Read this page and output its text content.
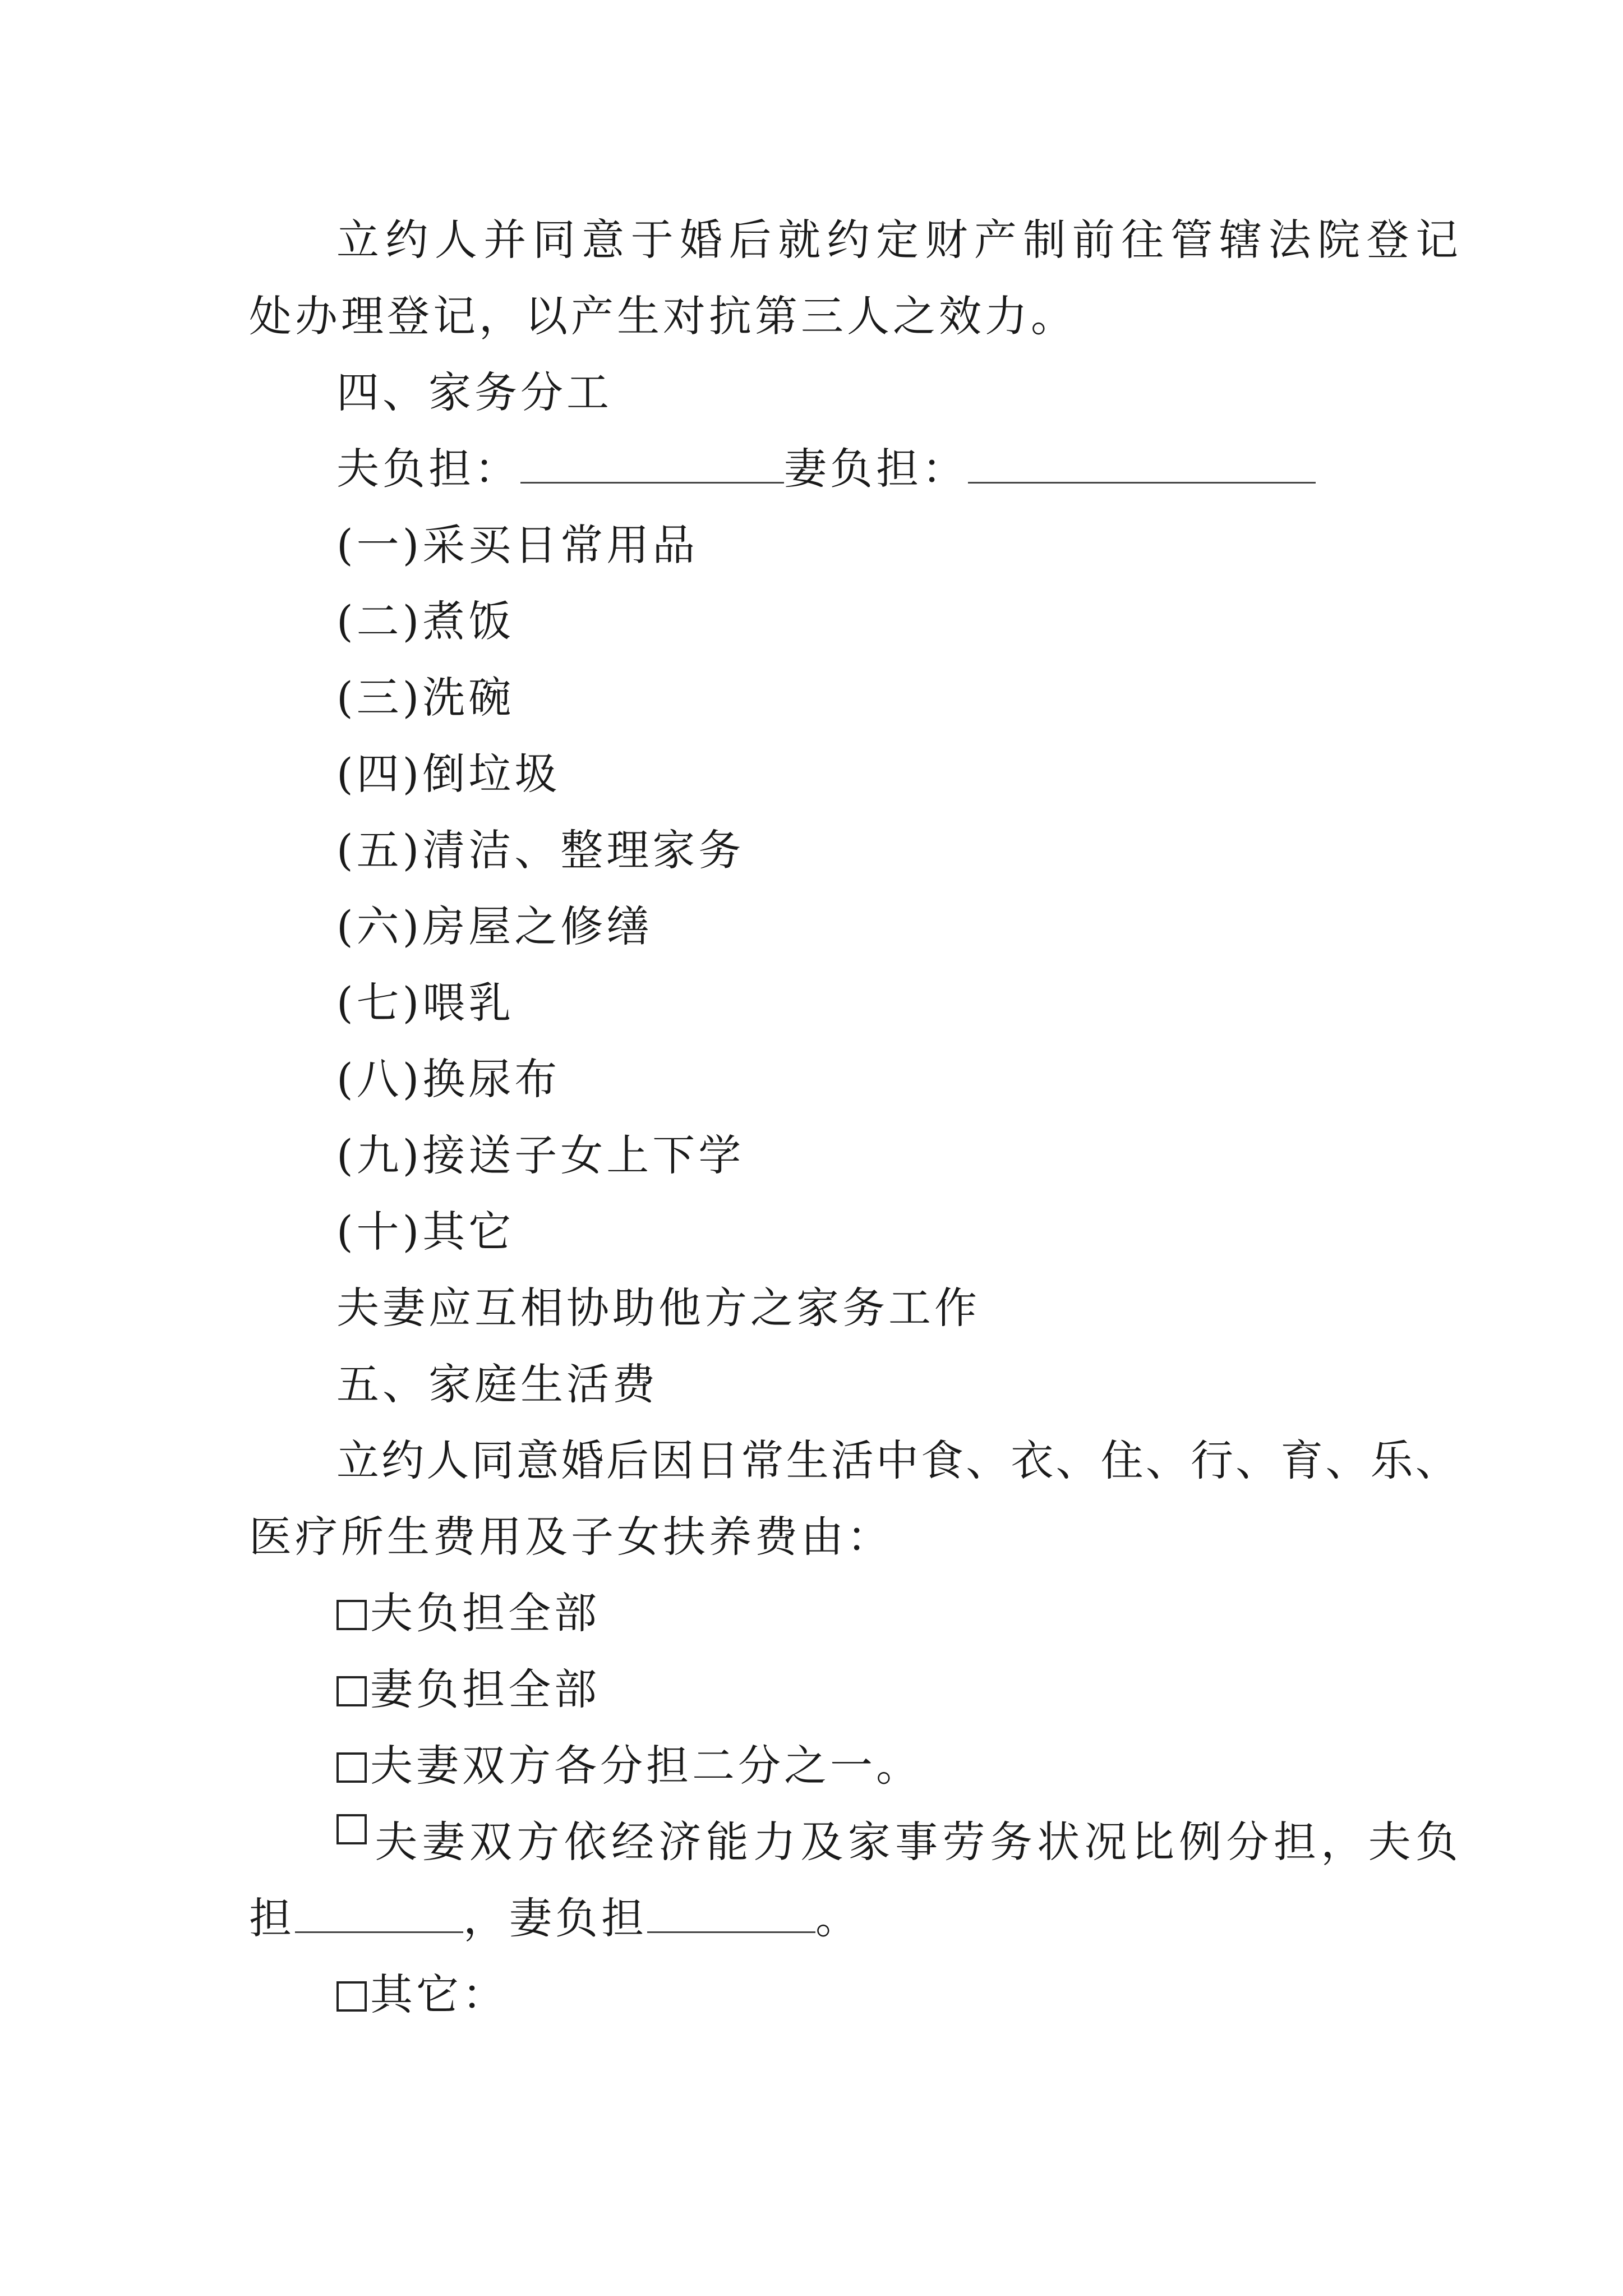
立 约 人 并 同 意 于 婚 后 就 约 定 财 产 制 前 往 管 辖 法 院 登 记
处办理登记，以产生对抗第三人之效力。
四、家务分工
夫负担：	妻负担：
(一)采买日常用品
(二)煮饭
(三)洗碗
(四)倒垃圾
(五)清洁、整理家务
(六)房屋之修缮
(七)喂乳
(八)换尿布
(九)接送子女上下学
(十)其它
夫妻应互相协助他方之家务工作
五、家庭生活费
立 约 人 同 意 婚 后 因 日 常 生 活 中 食 、 衣 、 住 、 行 、 育 、 乐 、
医疗所生费用及子女扶养费由：
夫负担全部
妻负担全部
夫妻双方各分担二分之一。
夫 妻 双 方 依 经 济 能 力 及 家 事 劳 务 状 况 比 例 分 担 ， 夫 负
担	，妻负担	。
其它：
